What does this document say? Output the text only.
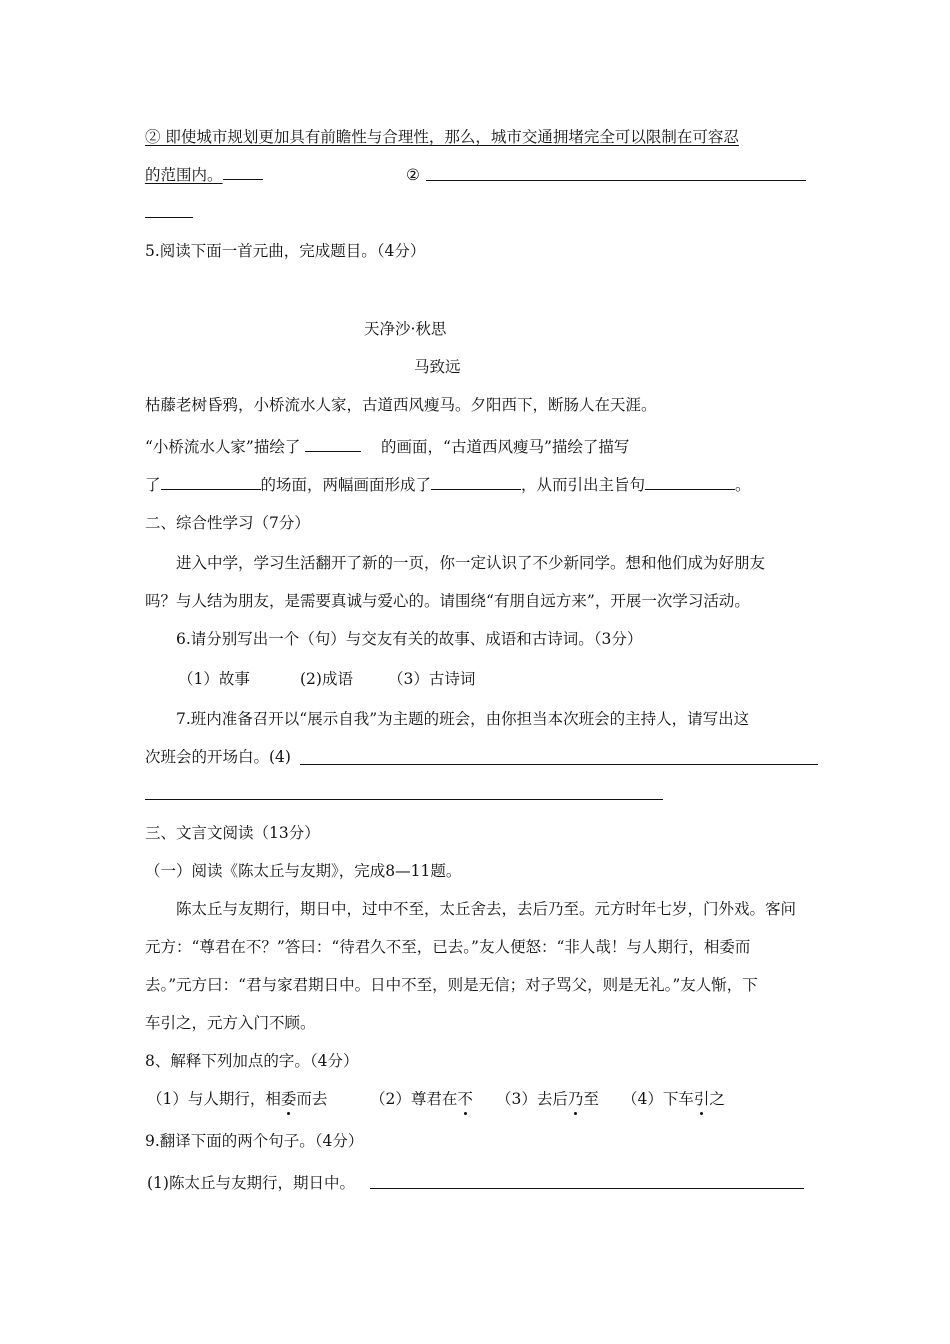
② 即使城市规划更加具有前瞻性与合理性，那么，城市交通拥堵完全可以限制在可容忍
的范围内。	②
5.阅读下面一首元曲，完成题目。（4分）
天净沙·秋思
马致远
枯藤老树昏鸦，小桥流水人家，古道西风瘦马。夕阳西下，断肠人在天涯。
“小桥流水人家”描绘了	的画面，“古道西风瘦马”描绘了描写
了	的场面，两幅画面形成了	，从而引出主旨句	。
二、综合性学习（7分）
进入中学，学习生活翻开了新的一页，你一定认识了不少新同学。想和他们成为好朋友
吗？与人结为朋友，是需要真诚与爱心的。请围绕“有朋自远方来”，开展一次学习活动。
6.请分别写出一个（句）与交友有关的故事、成语和古诗词。（3分）
（1）故事	(2)成语 （3）古诗词
7.班内准备召开以“展示自我”为主题的班会，由你担当本次班会的主持人，请写出这
次班会的开场白。(4)
三、文言文阅读（13分）
（一）阅读《陈太丘与友期》，完成8—11题。
陈太丘与友期行，期日中，过中不至，太丘舍去，去后乃至。元方时年七岁，门外戏。客问
元方：“尊君在不？”答曰：“待君久不至，已去。”友人便怒：“非人哉！与人期行，相委而
去。”元方曰：“君与家君期日中。日中不至，则是无信；对子骂父，则是无礼。”友人惭，下
车引之，元方入门不顾。
8、解释下列加点的字。（4分）
（1）与人期行，相委而去	（2）尊君在不 （3）去后乃至 （4）下车引之
9.翻译下面的两个句子。（4分）
(1)陈太丘与友期行，期日中。
